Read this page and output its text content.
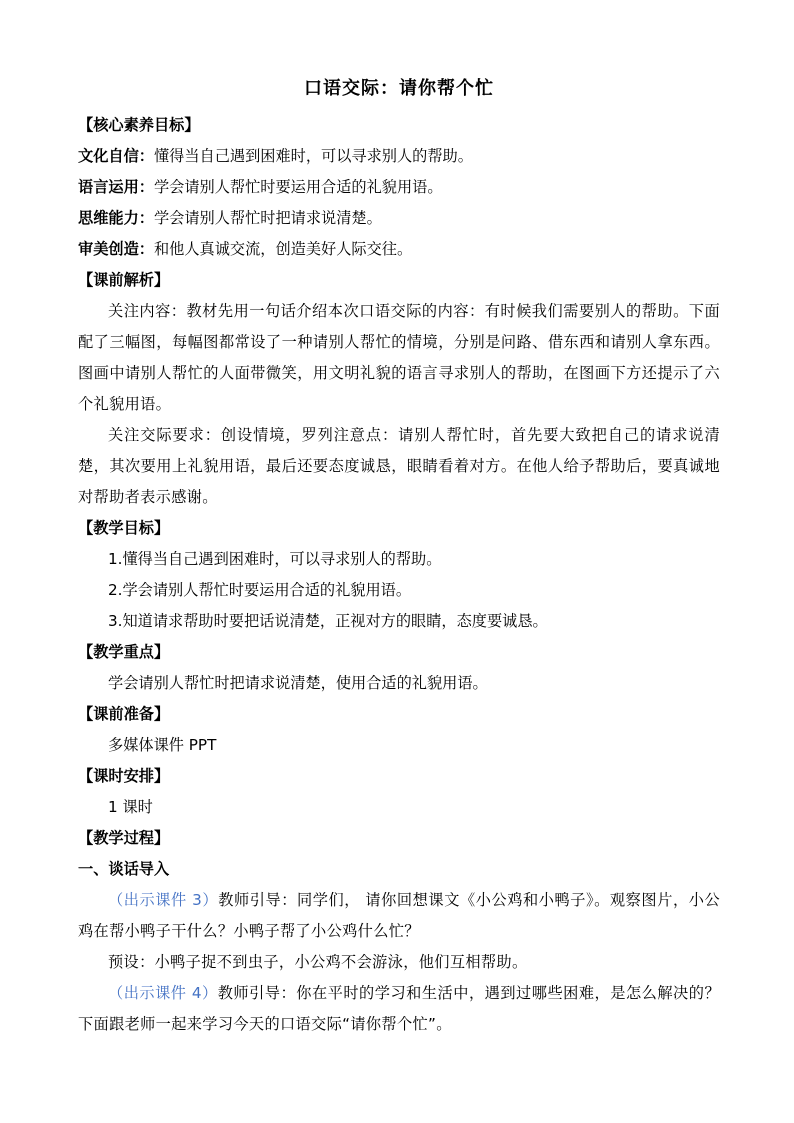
口语交际：请你帮个忙
【核心素养目标】
文化自信：懂得当自己遇到困难时，可以寻求别人的帮助。
语言运用：学会请别人帮忙时要运用合适的礼貌用语。
思维能力：学会请别人帮忙时把请求说清楚。
审美创造：和他人真诚交流，创造美好人际交往。
【课前解析】

关注内容：教材先用一句话介绍本次口语交际的内容：有时候我们需要别人的帮助。下面配了三幅图，每幅图都常设了一种请别人帮忙的情境，分别是问路、借东西和请别人拿东西。图画中请别人帮忙的人面带微笑，用文明礼貌的语言寻求别人的帮助，在图画下方还提示了六个礼貌用语。

关注交际要求：创设情境，罗列注意点：请别人帮忙时，首先要大致把自己的请求说清楚，其次要用上礼貌用语，最后还要态度诚恳，眼睛看着对方。在他人给予帮助后，要真诚地对帮助者表示感谢。

【教学目标】
1.懂得当自己遇到困难时，可以寻求别人的帮助。
2.学会请别人帮忙时要运用合适的礼貌用语。
3.知道请求帮助时要把话说清楚，正视对方的眼睛，态度要诚恳。
【教学重点】
学会请别人帮忙时把请求说清楚，使用合适的礼貌用语。
【课前准备】
多媒体课件 PPT
【课时安排】
1 课时
【教学过程】
一、谈话导入

（出示课件 3）教师引导：同学们， 请你回想课文《小公鸡和小鸭子》。观察图片，小公鸡在帮小鸭子干什么？小鸭子帮了小公鸡什么忙？

预设：小鸭子捉不到虫子，小公鸡不会游泳，他们互相帮助。

（出示课件 4）教师引导：你在平时的学习和生活中，遇到过哪些困难，是怎么解决的？下面跟老师一起来学习今天的口语交际“请你帮个忙”。
